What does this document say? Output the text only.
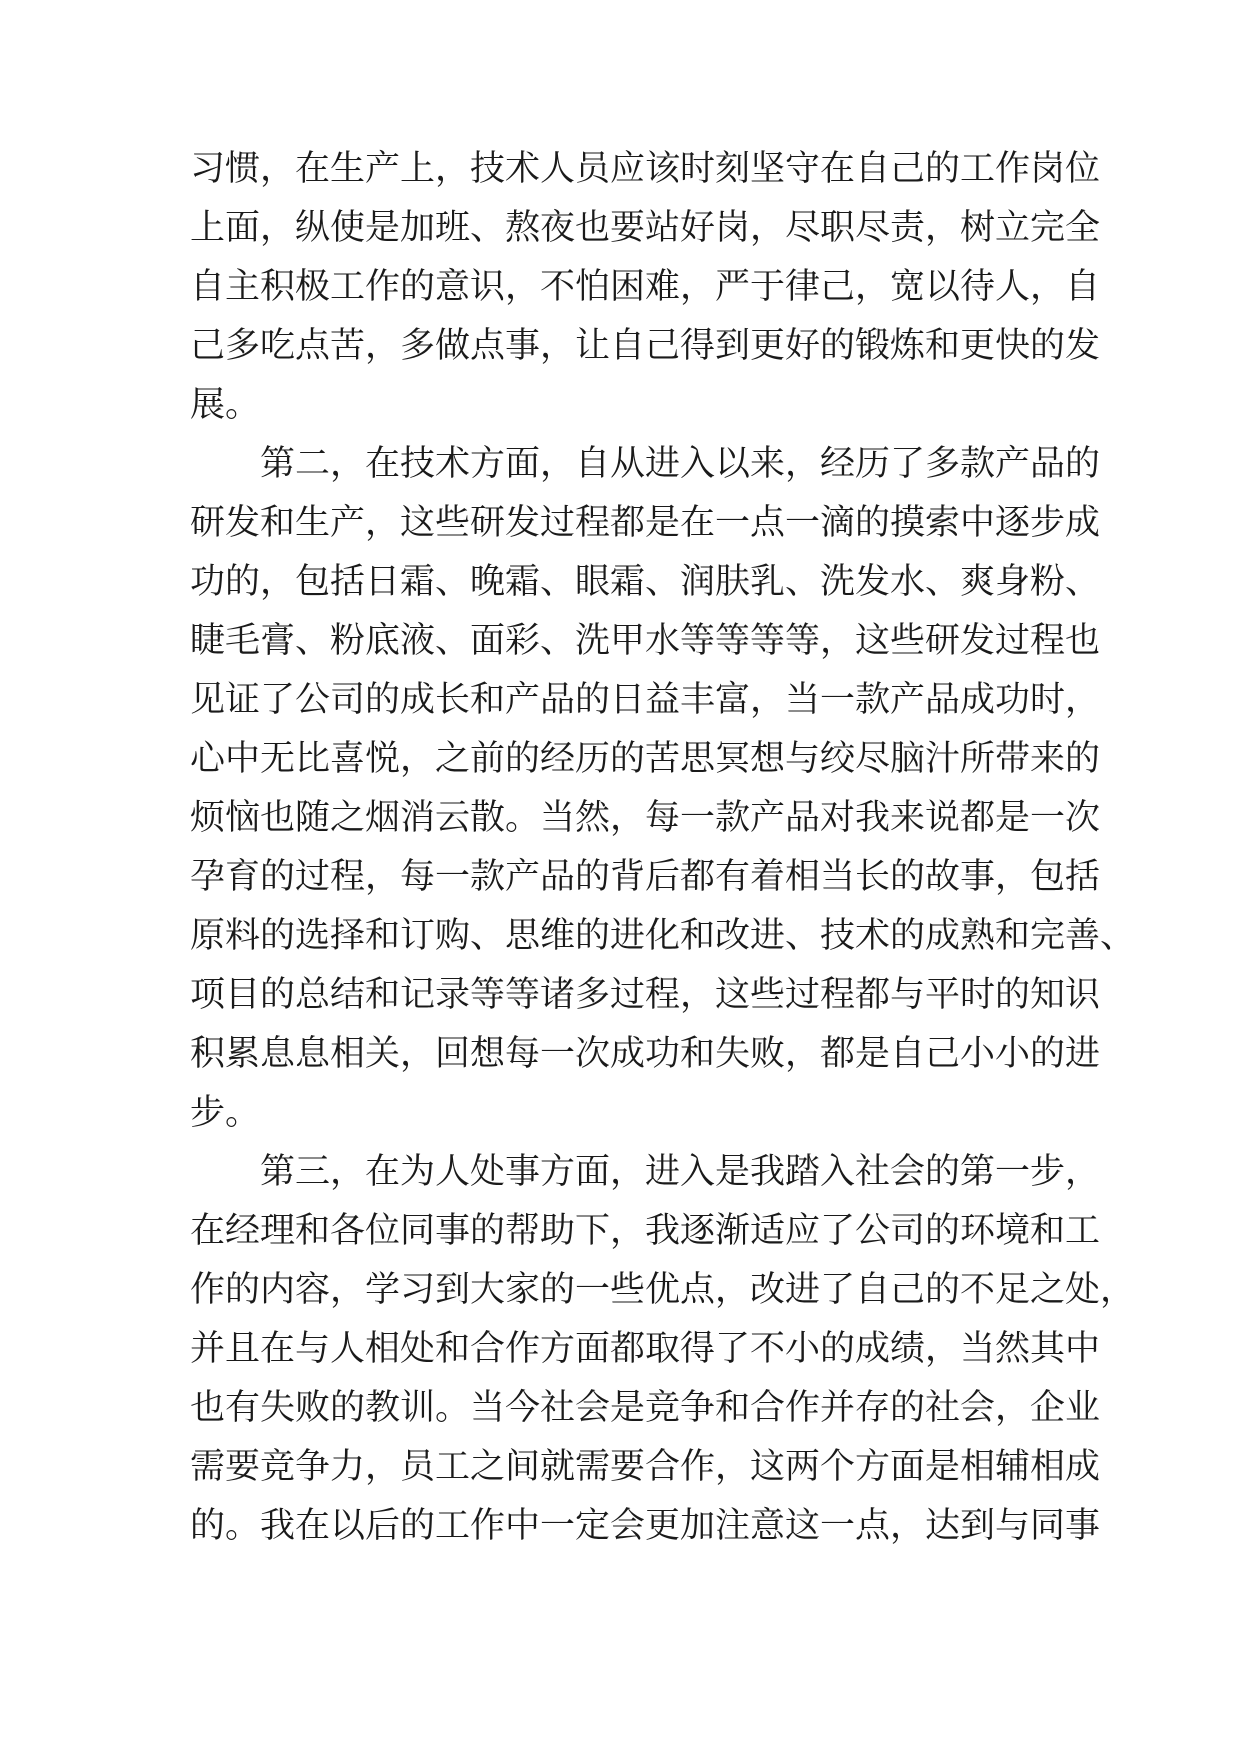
习惯，在生产上，技术人员应该时刻坚守在自己的工作岗位
上面，纵使是加班、熬夜也要站好岗，尽职尽责，树立完全
自主积极工作的意识，不怕困难，严于律己，宽以待人，自
己多吃点苦，多做点事，让自己得到更好的锻炼和更快的发
展。
第二，在技术方面，自从进入以来，经历了多款产品的
研发和生产，这些研发过程都是在一点一滴的摸索中逐步成
功的，包括日霜、晚霜、眼霜、润肤乳、洗发水、爽身粉、
睫毛膏、粉底液、面彩、洗甲水等等等等，这些研发过程也
见证了公司的成长和产品的日益丰富，当一款产品成功时，
心中无比喜悦，之前的经历的苦思冥想与绞尽脑汁所带来的
烦恼也随之烟消云散。当然，每一款产品对我来说都是一次
孕育的过程，每一款产品的背后都有着相当长的故事，包括
原料的选择和订购、思维的进化和改进、技术的成熟和完善、
项目的总结和记录等等诸多过程，这些过程都与平时的知识
积累息息相关，回想每一次成功和失败，都是自己小小的进
步。
第三，在为人处事方面，进入是我踏入社会的第一步，
在经理和各位同事的帮助下，我逐渐适应了公司的环境和工
作的内容，学习到大家的一些优点，改进了自己的不足之处，
并且在与人相处和合作方面都取得了不小的成绩，当然其中
也有失败的教训。当今社会是竞争和合作并存的社会，企业
需要竞争力，员工之间就需要合作，这两个方面是相辅相成
的。我在以后的工作中一定会更加注意这一点，达到与同事
